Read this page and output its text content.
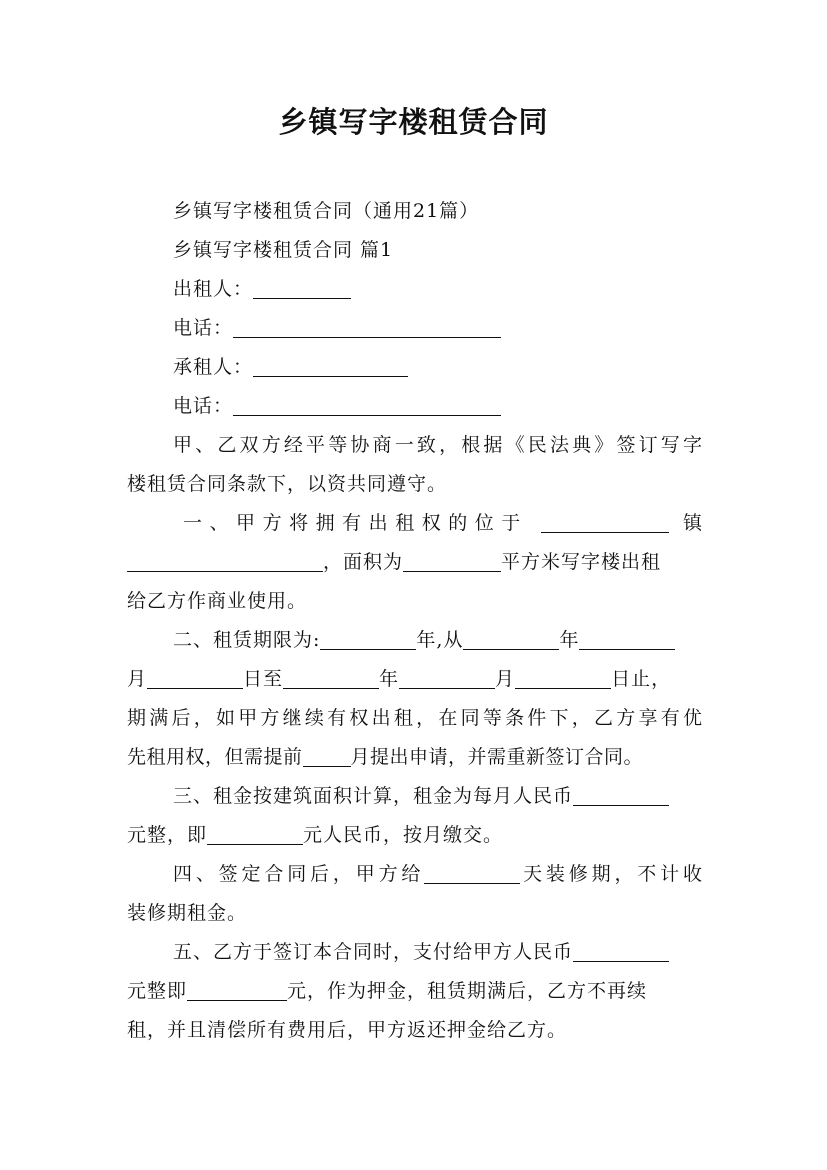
乡镇写字楼租赁合同
乡镇写字楼租赁合同（通用21篇）
乡镇写字楼租赁合同 篇1
出租人：
电话：
承租人：
电话：
甲、乙双方经平等协商一致，根据《民法典》签订写字
楼租赁合同条款下，以资共同遵守。
一、甲方将拥有出租权的位于	镇
，面积为	平方米写字楼出租
给乙方作商业使用。
二、租赁期限为:	年,从	年
月	日至	年	月	日止，
期满后，如甲方继续有权出租，在同等条件下，乙方享有优
先租用权，但需提前	月提出申请，并需重新签订合同。
三、租金按建筑面积计算，租金为每月人民币
元整，即	元人民币，按月缴交。
四、签定合同后，甲方给	天装修期，不计收
装修期租金。
五、乙方于签订本合同时，支付给甲方人民币
元整即	元，作为押金，租赁期满后，乙方不再续
租，并且清偿所有费用后，甲方返还押金给乙方。
